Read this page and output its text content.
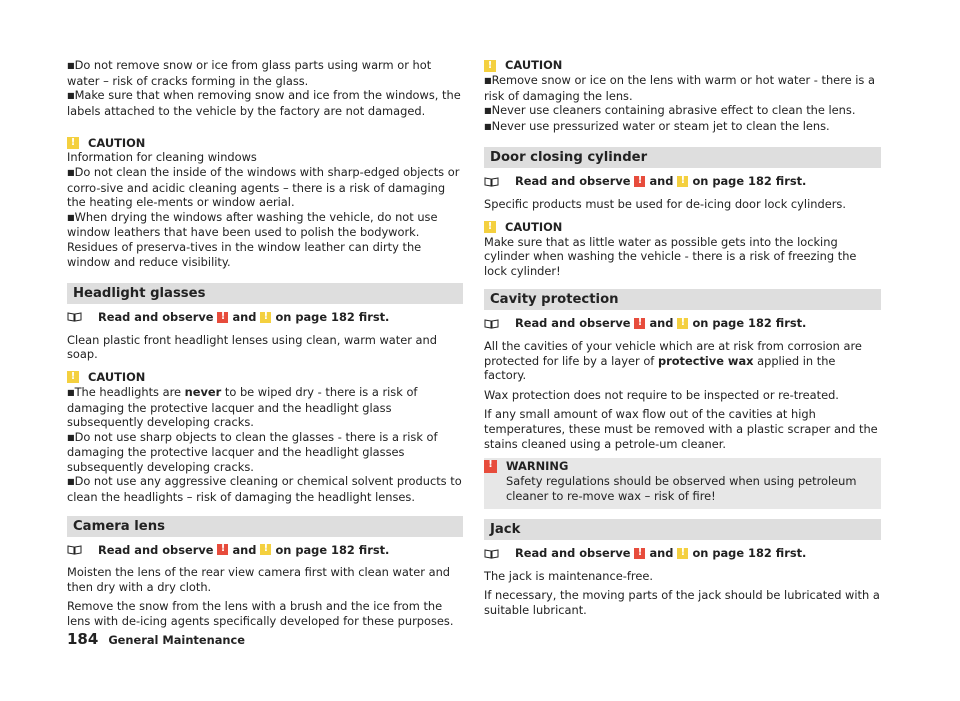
■ Do not remove snow or ice from glass parts using warm or hot water – risk of cracks forming in the glass.

■ Make sure that when removing snow and ice from the windows, the labels attached to the vehicle by the factory are not damaged.

!
CAUTION

Information for cleaning windows

■ Do not clean the inside of the windows with sharp-edged objects or corro-sive and acidic cleaning agents – there is a risk of damaging the heating ele-ments or window aerial.

■ When drying the windows after washing the vehicle, do not use window leathers that have been used to polish the bodywork. Residues of preserva-tives in the window leather can dirty the window and reduce visibility.

Headlight glasses
Read and observe ! and ! on page 182 first.

Clean plastic front headlight lenses using clean, warm water and soap.

!
CAUTION

■ The headlights are never to be wiped dry - there is a risk of damaging the protective lacquer and the headlight glass subsequently developing cracks.

■ Do not use sharp objects to clean the glasses - there is a risk of damaging the protective lacquer and the headlight glasses subsequently developing cracks.

■ Do not use any aggressive cleaning or chemical solvent products to clean the headlights – risk of damaging the headlight lenses.

Camera lens
Read and observe ! and ! on page 182 first.

Moisten the lens of the rear view camera first with clean water and then dry with a dry cloth.

Remove the snow from the lens with a brush and the ice from the lens with de-icing agents specifically developed for these purposes.

!
CAUTION

■ Remove snow or ice on the lens with warm or hot water - there is a risk of damaging the lens.

■ Never use cleaners containing abrasive effect to clean the lens.

■ Never use pressurized water or steam jet to clean the lens.

Door closing cylinder
Read and observe ! and ! on page 182 first.

Specific products must be used for de-icing door lock cylinders.

!
CAUTION

Make sure that as little water as possible gets into the locking cylinder when washing the vehicle - there is a risk of freezing the lock cylinder!

Cavity protection
Read and observe ! and ! on page 182 first.

All the cavities of your vehicle which are at risk from corrosion are protected for life by a layer of protective wax applied in the factory.

Wax protection does not require to be inspected or re-treated.

If any small amount of wax flow out of the cavities at high temperatures, these must be removed with a plastic scraper and the stains cleaned using a petrole-um cleaner.

!
WARNING

Safety regulations should be observed when using petroleum cleaner to re-move wax – risk of fire!

Jack
Read and observe ! and ! on page 182 first.

The jack is maintenance-free.

If necessary, the moving parts of the jack should be lubricated with a suitable lubricant.

184 General Maintenance
